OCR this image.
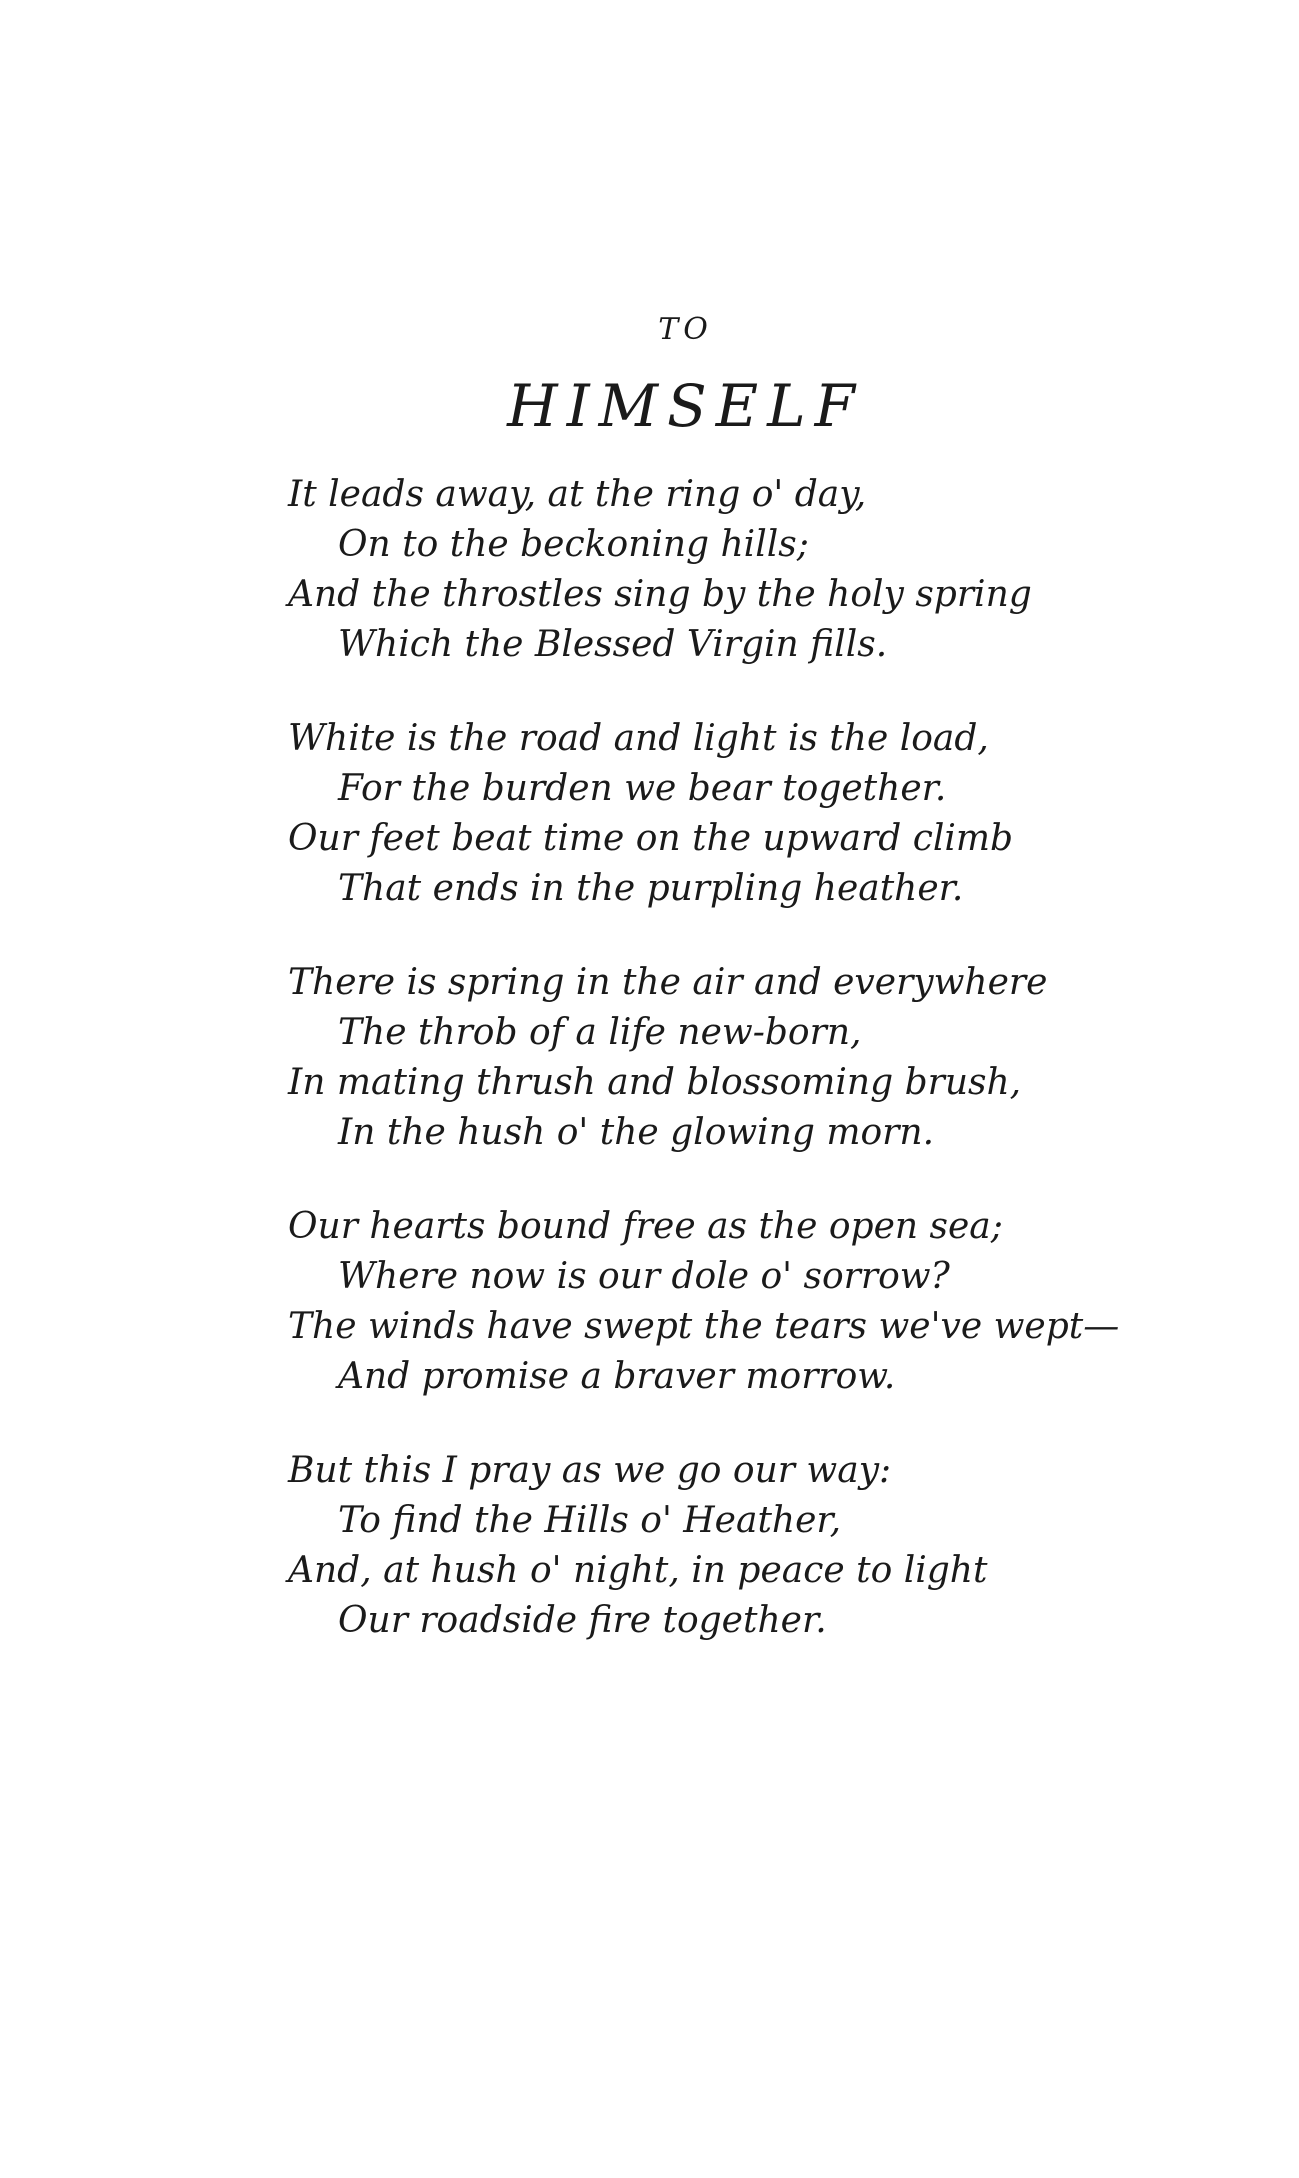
TO
HIMSELF
It leads away, at the ring o' day,
On to the beckoning hills;
And the throstles sing by the holy spring
Which the Blessed Virgin fills.
White is the road and light is the load,
For the burden we bear together.
Our feet beat time on the upward climb
That ends in the purpling heather.
There is spring in the air and everywhere
The throb of a life new-born,
In mating thrush and blossoming brush,
In the hush o' the glowing morn.
Our hearts bound free as the open sea;
Where now is our dole o' sorrow?
The winds have swept the tears we've wept—
And promise a braver morrow.
But this I pray as we go our way:
To find the Hills o' Heather,
And, at hush o' night, in peace to light
Our roadside fire together.
